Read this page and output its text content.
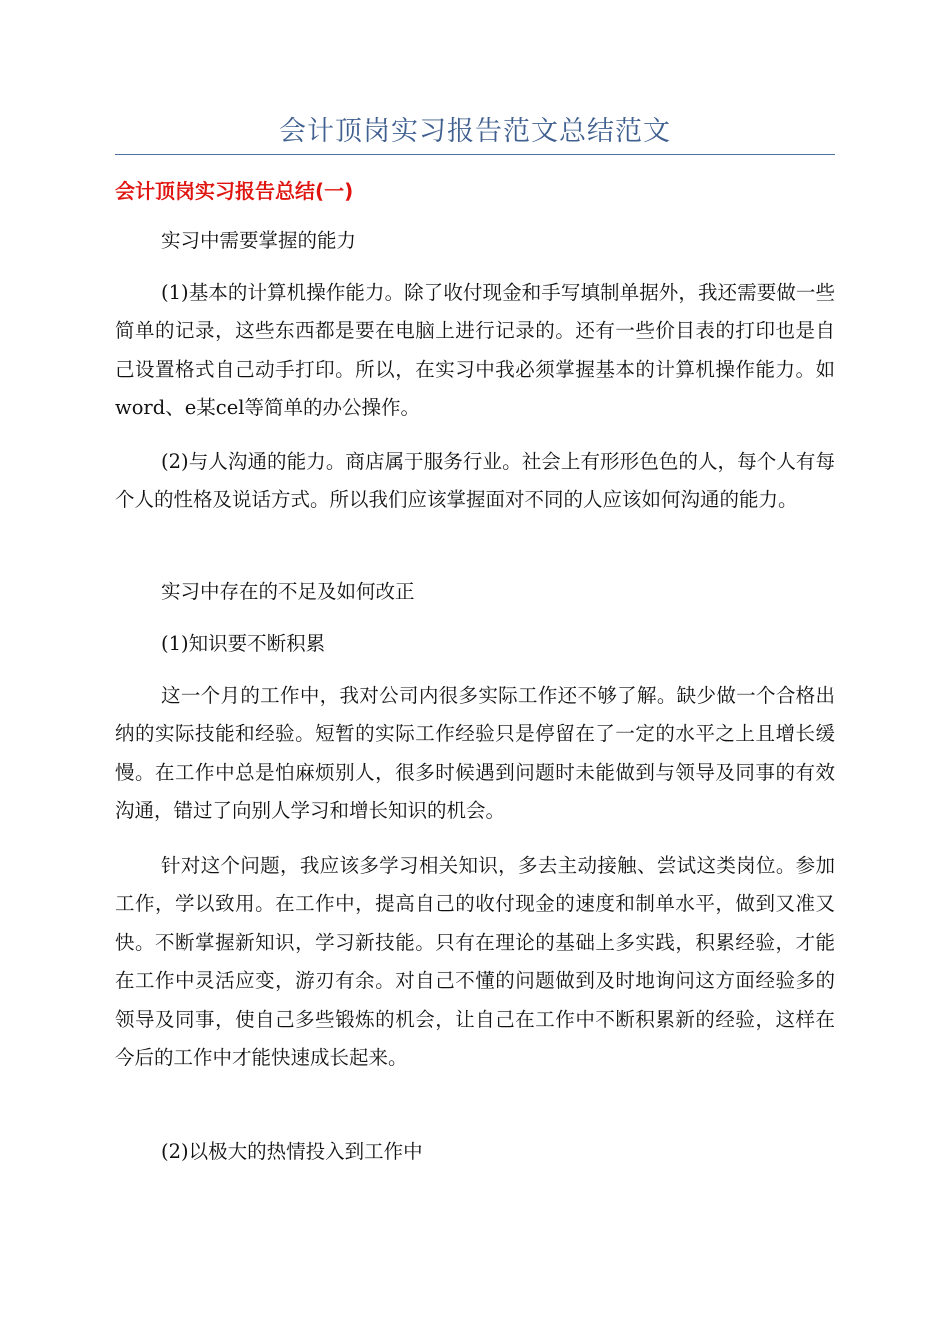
会计顶岗实习报告范文总结范文
会计顶岗实习报告总结(一)

实习中需要掌握的能力

(1)基本的计算机操作能力。除了收付现金和手写填制单据外，我还需要做一些简单的记录，这些东西都是要在电脑上进行记录的。还有一些价目表的打印也是自己设置格式自己动手打印。所以，在实习中我必须掌握基本的计算机操作能力。如word、e某cel等简单的办公操作。

(2)与人沟通的能力。商店属于服务行业。社会上有形形色色的人，每个人有每个人的性格及说话方式。所以我们应该掌握面对不同的人应该如何沟通的能力。

实习中存在的不足及如何改正

(1)知识要不断积累

这一个月的工作中，我对公司内很多实际工作还不够了解。缺少做一个合格出纳的实际技能和经验。短暂的实际工作经验只是停留在了一定的水平之上且增长缓慢。在工作中总是怕麻烦别人，很多时候遇到问题时未能做到与领导及同事的有效沟通，错过了向别人学习和增长知识的机会。

针对这个问题，我应该多学习相关知识，多去主动接触、尝试这类岗位。参加工作，学以致用。在工作中，提高自己的收付现金的速度和制单水平，做到又准又快。不断掌握新知识，学习新技能。只有在理论的基础上多实践，积累经验，才能在工作中灵活应变，游刃有余。对自己不懂的问题做到及时地询问这方面经验多的领导及同事，使自己多些锻炼的机会，让自己在工作中不断积累新的经验，这样在今后的工作中才能快速成长起来。

(2)以极大的热情投入到工作中
